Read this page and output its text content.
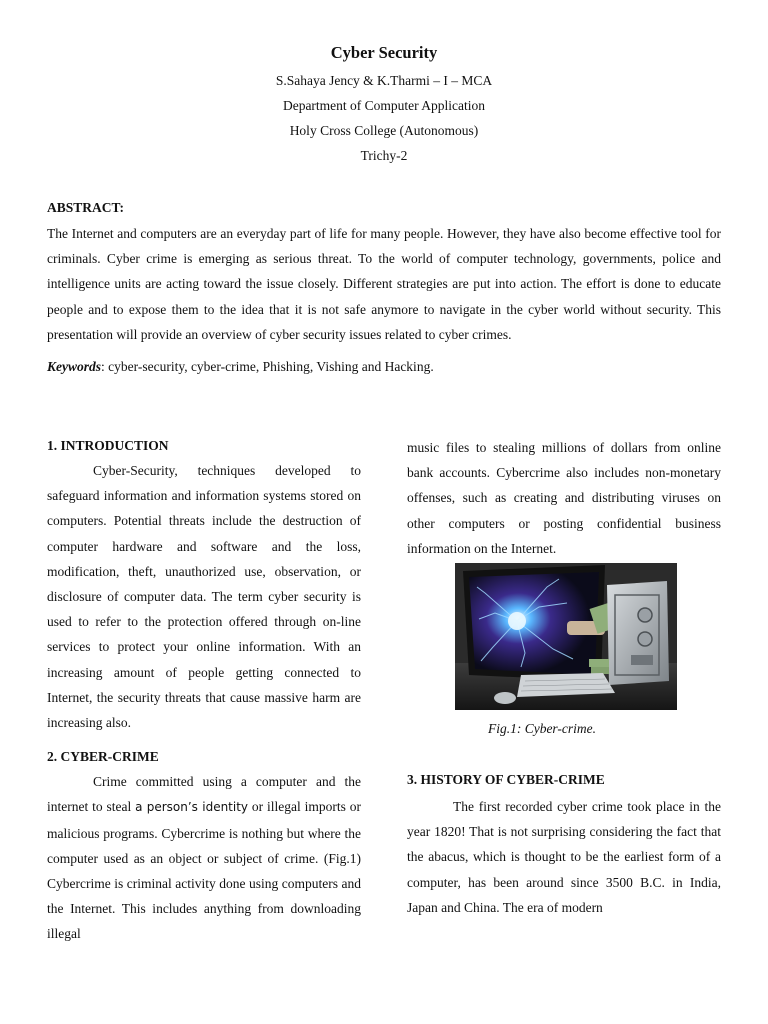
Cyber Security
S.Sahaya Jency & K.Tharmi – I – MCA
Department of Computer Application
Holy Cross College (Autonomous)
Trichy-2
ABSTRACT:

The Internet and computers are an everyday part of life for many people. However, they have also become effective tool for criminals. Cyber crime is emerging as serious threat. To the world of computer technology, governments, police and intelligence units are acting toward the issue closely. Different strategies are put into action. The effort is done to educate people and to expose them to the idea that it is not safe anymore to navigate in the cyber world without security. This presentation will provide an overview of cyber security issues related to cyber crimes.

Keywords: cyber-security, cyber-crime, Phishing, Vishing and Hacking.

1. INTRODUCTION

Cyber-Security, techniques developed to safeguard information and information systems stored on computers. Potential threats include the destruction of computer hardware and software and the loss, modification, theft, unauthorized use, observation, or disclosure of computer data. The term cyber security is used to refer to the protection offered through on-line services to protect your online information. With an increasing amount of people getting connected to Internet, the security threats that cause massive harm are increasing also.

2. CYBER-CRIME

Crime committed using a computer and the internet to steal a person’s identity or illegal imports or malicious programs. Cybercrime is nothing but where the computer used as an object or subject of crime. (Fig.1) Cybercrime is criminal activity done using computers and the Internet. This includes anything from downloading illegal

music files to stealing millions of dollars from online bank accounts. Cybercrime also includes non-monetary offenses, such as creating and distributing viruses on other computers or posting confidential business information on the Internet.

Fig.1: Cyber-crime.
3. HISTORY OF CYBER-CRIME

The first recorded cyber crime took place in the year 1820! That is not surprising considering the fact that the abacus, which is thought to be the earliest form of a computer, has been around since 3500 B.C. in India, Japan and China. The era of modern
